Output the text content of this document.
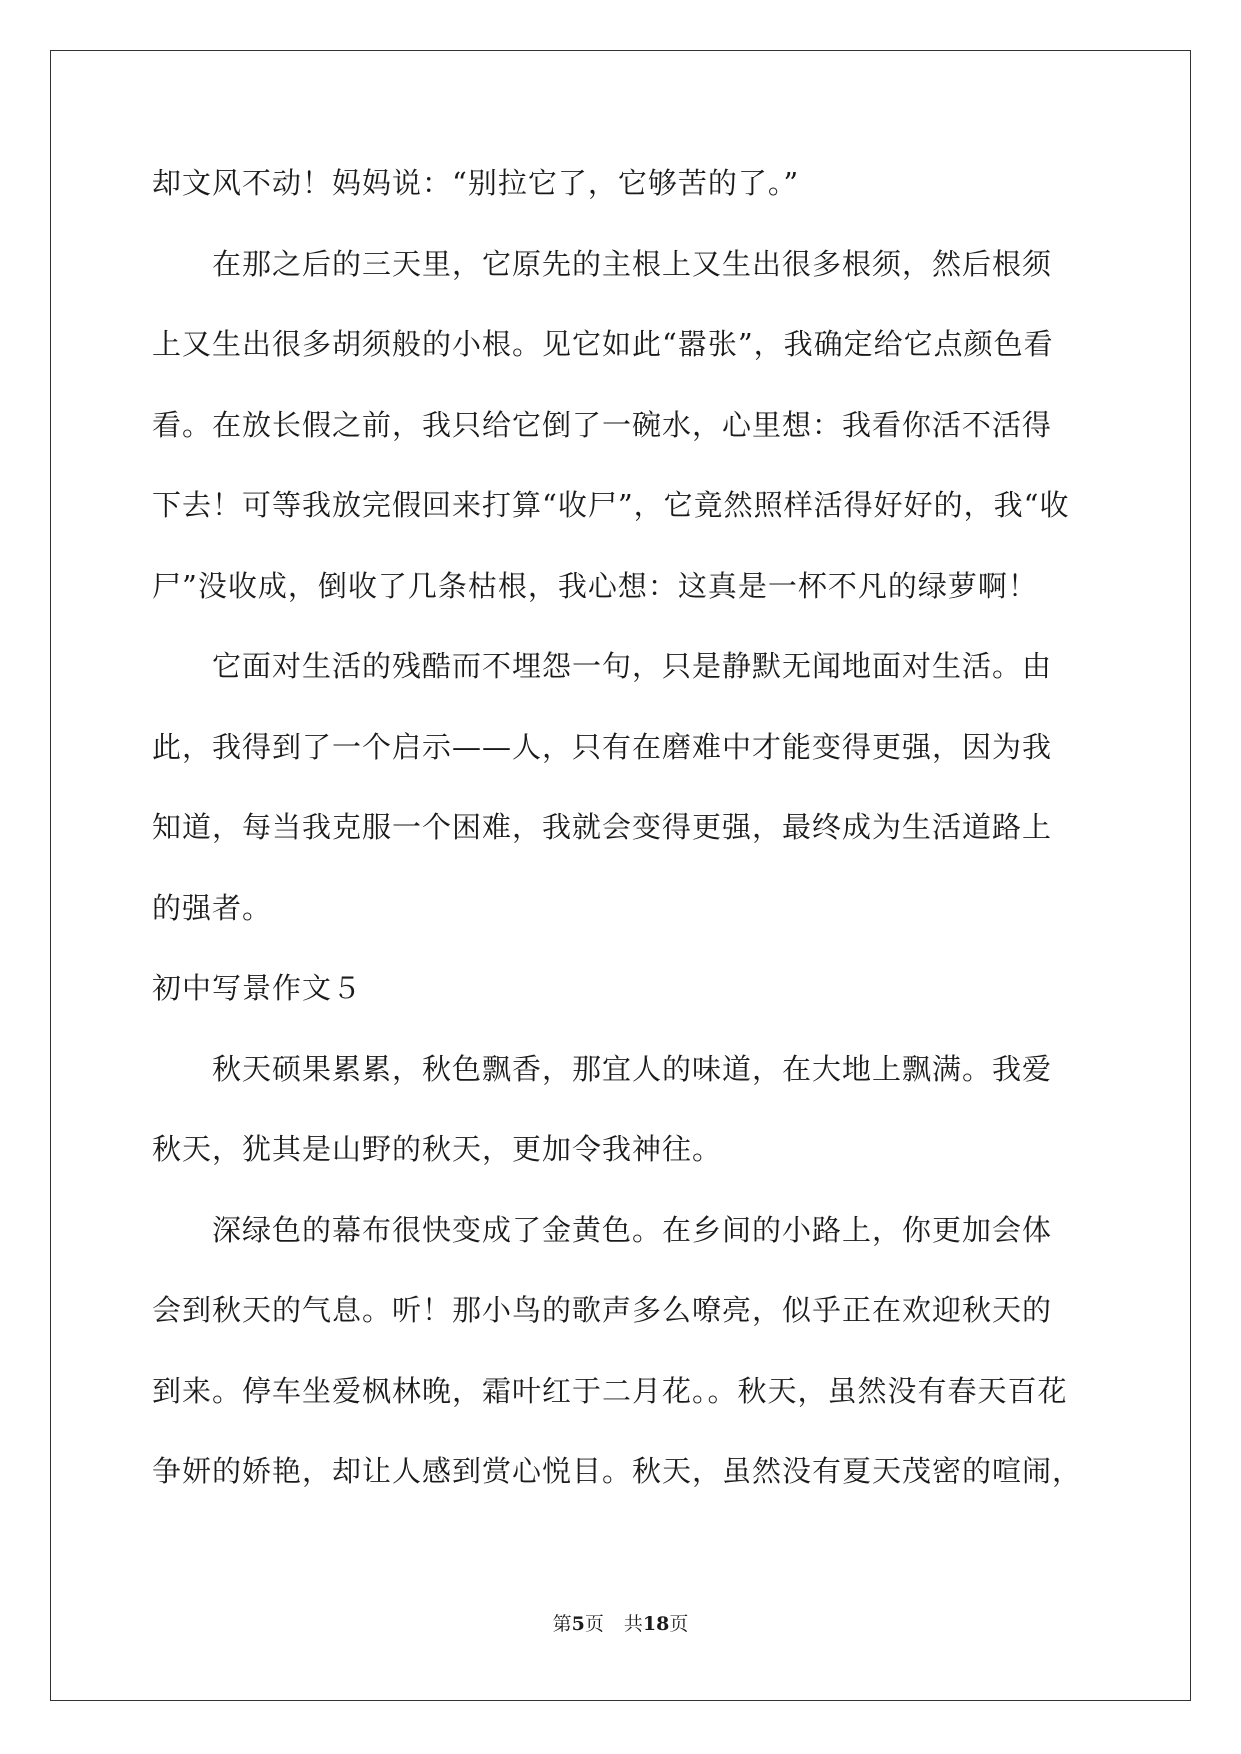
却文风不动！妈妈说：“别拉它了，它够苦的了。”
　　在那之后的三天里，它原先的主根上又生出很多根须，然后根须
上又生出很多胡须般的小根。见它如此“嚣张”，我确定给它点颜色看
看。在放长假之前，我只给它倒了一碗水，心里想：我看你活不活得
下去！可等我放完假回来打算“收尸”，它竟然照样活得好好的，我“收
尸”没收成，倒收了几条枯根，我心想：这真是一杯不凡的绿萝啊！
　　它面对生活的残酷而不埋怨一句，只是静默无闻地面对生活。由
此，我得到了一个启示——人，只有在磨难中才能变得更强，因为我
知道，每当我克服一个困难，我就会变得更强，最终成为生活道路上
的强者。
初中写景作文５
　　秋天硕果累累，秋色飘香，那宜人的味道，在大地上飘满。我爱
秋天，犹其是山野的秋天，更加令我神往。
　　深绿色的幕布很快变成了金黄色。在乡间的小路上，你更加会体
会到秋天的气息。听！那小鸟的歌声多么嘹亮，似乎正在欢迎秋天的
到来。停车坐爱枫林晚，霜叶红于二月花。。秋天，虽然没有春天百花
争妍的娇艳，却让人感到赏心悦目。秋天，虽然没有夏天茂密的喧闹，
第5页 共18页
